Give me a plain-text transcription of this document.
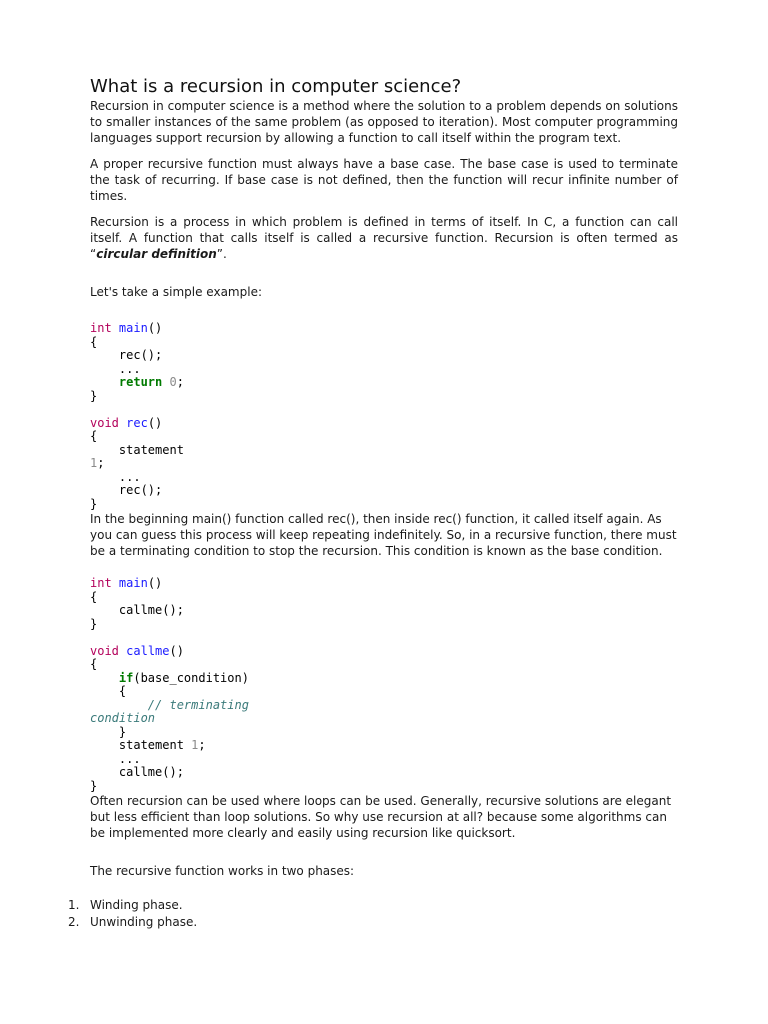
What is a recursion in computer science?

Recursion in computer science is a method where the solution to a problem depends on solutions to smaller instances of the same problem (as opposed to iteration). Most computer programming languages support recursion by allowing a function to call itself within the program text.

A proper recursive function must always have a base case. The base case is used to terminate the task of recurring. If base case is not defined, then the function will recur infinite number of times.

Recursion is a process in which problem is defined in terms of itself. In C, a function can call itself. A function that calls itself is called a recursive function. Recursion is often termed as “circular definition”.

Let's take a simple example:

int main()
{
rec();
...
return 0;
}

void rec()
{
statement
1;
...
rec();
}

In the beginning main() function called rec(), then inside rec() function, it called itself again. As you can guess this process will keep repeating indefinitely. So, in a recursive function, there must be a terminating condition to stop the recursion. This condition is known as the base condition.

int main()
{
callme();
}

void callme()
{
if(base_condition)
{
// terminating
condition
}
statement 1;
...
callme();
}

Often recursion can be used where loops can be used. Generally, recursive solutions are elegant but less efficient than loop solutions. So why use recursion at all? because some algorithms can be implemented more clearly and easily using recursion like quicksort.

The recursive function works in two phases:

1. Winding phase.
2. Unwinding phase.
